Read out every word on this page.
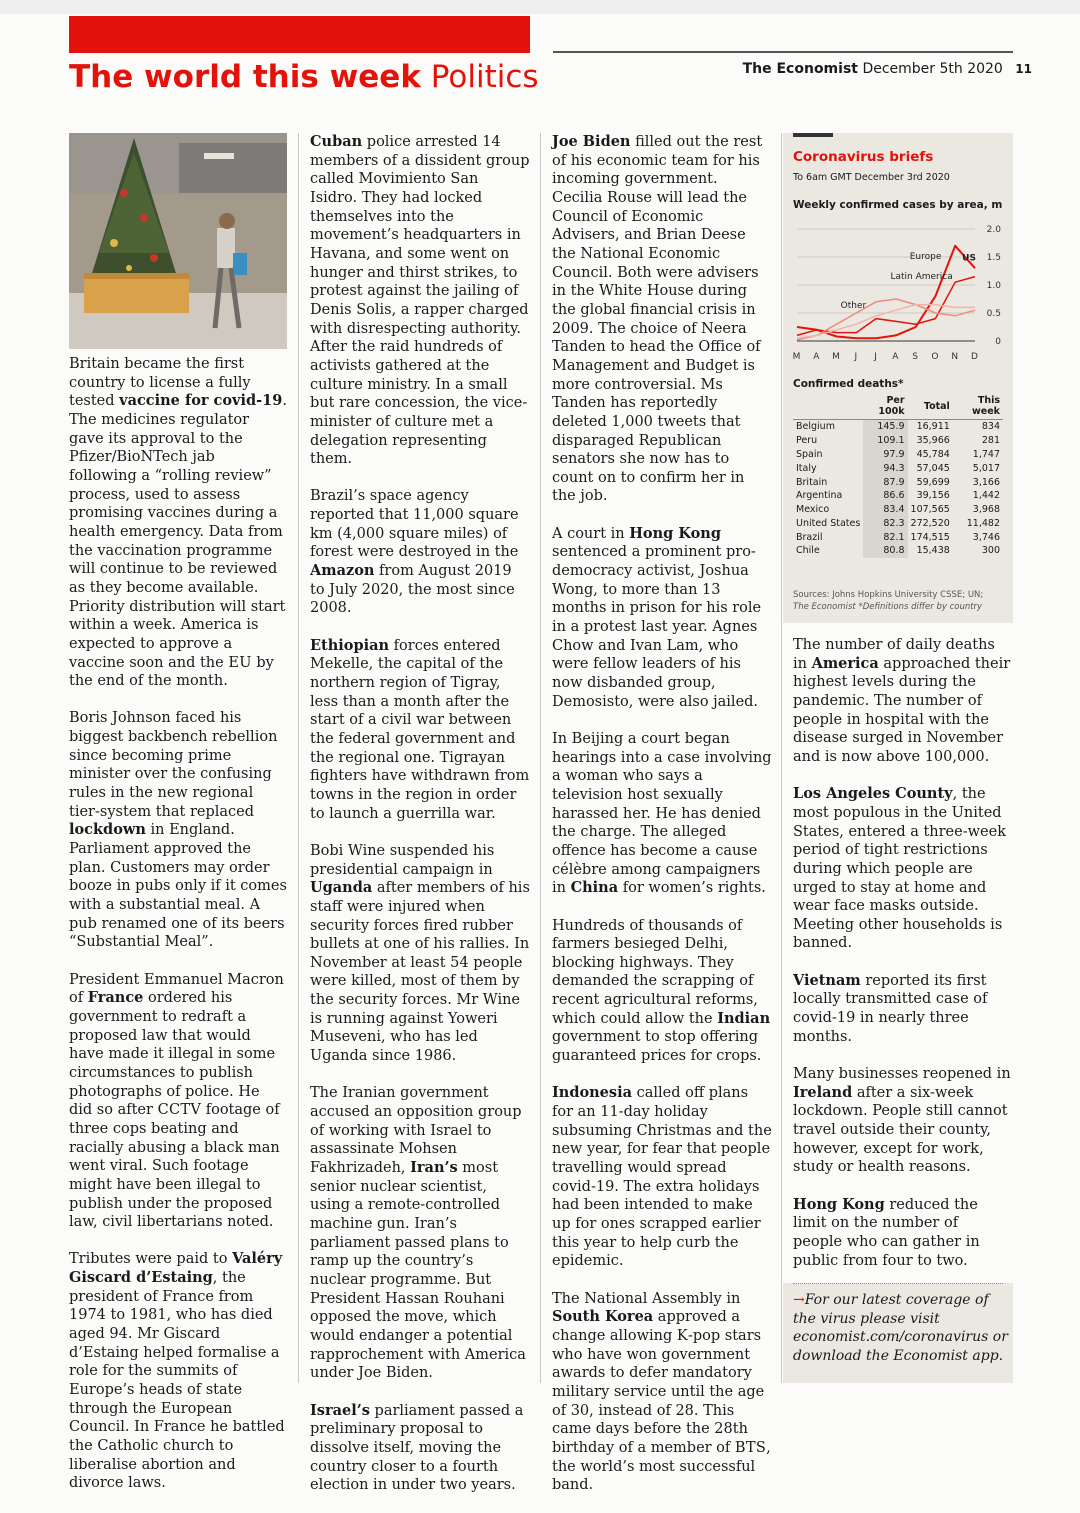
The world this week Politics	The Economist December 5th 2020 11

Britain became the first country to license a fully tested vaccine for covid-19. The medicines regulator gave its approval to the Pfizer/BioNTech jab following a “rolling review” process, used to assess promising vaccines during a health emergency. Data from the vaccination programme will continue to be reviewed as they become available. Priority distribution will start within a week. America is expected to approve a vaccine soon and the EU by the end of the month.

Boris Johnson faced his biggest backbench rebellion since becoming prime minister over the confusing rules in the new regional tier-system that replaced lockdown in England. Parliament approved the plan. Customers may order booze in pubs only if it comes with a substantial meal. A pub renamed one of its beers “Substantial Meal”.

President Emmanuel Macron of France ordered his government to redraft a proposed law that would have made it illegal in some circumstances to publish photographs of police. He did so after CCTV footage of three cops beating and racially abusing a black man went viral. Such footage might have been illegal to publish under the proposed law, civil libertarians noted.

Tributes were paid to Valéry Giscard d’Estaing, the president of France from 1974 to 1981, who has died aged 94. Mr Giscard d’Estaing helped formalise a role for the summits of Europe’s heads of state through the European Council. In France he battled the Catholic church to liberalise abortion and divorce laws.

Cuban police arrested 14 members of a dissident group called Movimiento San Isidro. They had locked themselves into the movement’s headquarters in Havana, and some went on hunger and thirst strikes, to protest against the jailing of Denis Solis, a rapper charged with disrespecting authority. After the raid hundreds of activists gathered at the culture ministry. In a small but rare concession, the vice-minister of culture met a delegation representing them.

Brazil’s space agency reported that 11,000 square km (4,000 square miles) of forest were destroyed in the Amazon from August 2019 to July 2020, the most since 2008.

Ethiopian forces entered Mekelle, the capital of the northern region of Tigray, less than a month after the start of a civil war between the federal government and the regional one. Tigrayan fighters have withdrawn from towns in the region in order to launch a guerrilla war.

Bobi Wine suspended his presidential campaign in Uganda after members of his staff were injured when security forces fired rubber bullets at one of his rallies. In November at least 54 people were killed, most of them by the security forces. Mr Wine is running against Yoweri Museveni, who has led Uganda since 1986.

The Iranian government accused an opposition group of working with Israel to assassinate Mohsen Fakhrizadeh, Iran’s most senior nuclear scientist, using a remote-controlled machine gun. Iran’s parliament passed plans to ramp up the country’s nuclear programme. But President Hassan Rouhani opposed the move, which would endanger a potential rapprochement with America under Joe Biden.

Israel’s parliament passed a preliminary proposal to dissolve itself, moving the country closer to a fourth election in under two years.

Joe Biden filled out the rest of his economic team for his incoming government. Cecilia Rouse will lead the Council of Economic Advisers, and Brian Deese the National Economic Council. Both were advisers in the White House during the global financial crisis in 2009. The choice of Neera Tanden to head the Office of Management and Budget is more controversial. Ms Tanden has reportedly deleted 1,000 tweets that disparaged Republican senators she now has to count on to confirm her in the job.

A court in Hong Kong sentenced a prominent pro-democracy activist, Joshua Wong, to more than 13 months in prison for his role in a protest last year. Agnes Chow and Ivan Lam, who were fellow leaders of his now disbanded group, Demosisto, were also jailed.

In Beijing a court began hearings into a case involving a woman who says a television host sexually harassed her. He has denied the charge. The alleged offence has become a cause célèbre among campaigners in China for women’s rights.

Hundreds of thousands of farmers besieged Delhi, blocking highways. They demanded the scrapping of recent agricultural reforms, which could allow the Indian government to stop offering guaranteed prices for crops.

Indonesia called off plans for an 11-day holiday subsuming Christmas and the new year, for fear that people travelling would spread covid-19. The extra holidays had been intended to make up for ones scrapped earlier this year to help curb the epidemic.

The National Assembly in South Korea approved a change allowing K-pop stars who have won government awards to defer mandatory military service until the age of 30, instead of 28. This came days before the 28th birthday of a member of BTS, the world’s most successful band.

Coronavirus briefs
To 6am GMT December 3rd 2020
Weekly confirmed cases by area, m
2.0
1.5
1.0
0.5
0
M A M J J A S O N D
Europe US
Latin America
Other
Confirmed deaths*
	Per 100k	Total	This week
Belgium	145.9	16,911	834
Peru	109.1	35,966	281
Spain	97.9	45,784	1,747
Italy	94.3	57,045	5,017
Britain	87.9	59,699	3,166
Argentina	86.6	39,156	1,442
Mexico	83.4	107,565	3,968
United States	82.3	272,520	11,482
Brazil	82.1	174,515	3,746
Chile	80.8	15,438	300
Sources: Johns Hopkins University CSSE; UN;
The Economist *Definitions differ by country

The number of daily deaths in America approached their highest levels during the pandemic. The number of people in hospital with the disease surged in November and is now above 100,000.

Los Angeles County, the most populous in the United States, entered a three-week period of tight restrictions during which people are urged to stay at home and wear face masks outside. Meeting other households is banned.

Vietnam reported its first locally transmitted case of covid-19 in nearly three months.

Many businesses reopened in Ireland after a six-week lockdown. People still cannot travel outside their county, however, except for work, study or health reasons.

Hong Kong reduced the limit on the number of people who can gather in public from four to two.

→For our latest coverage of the virus please visit economist.com/coronavirus or download the Economist app.
